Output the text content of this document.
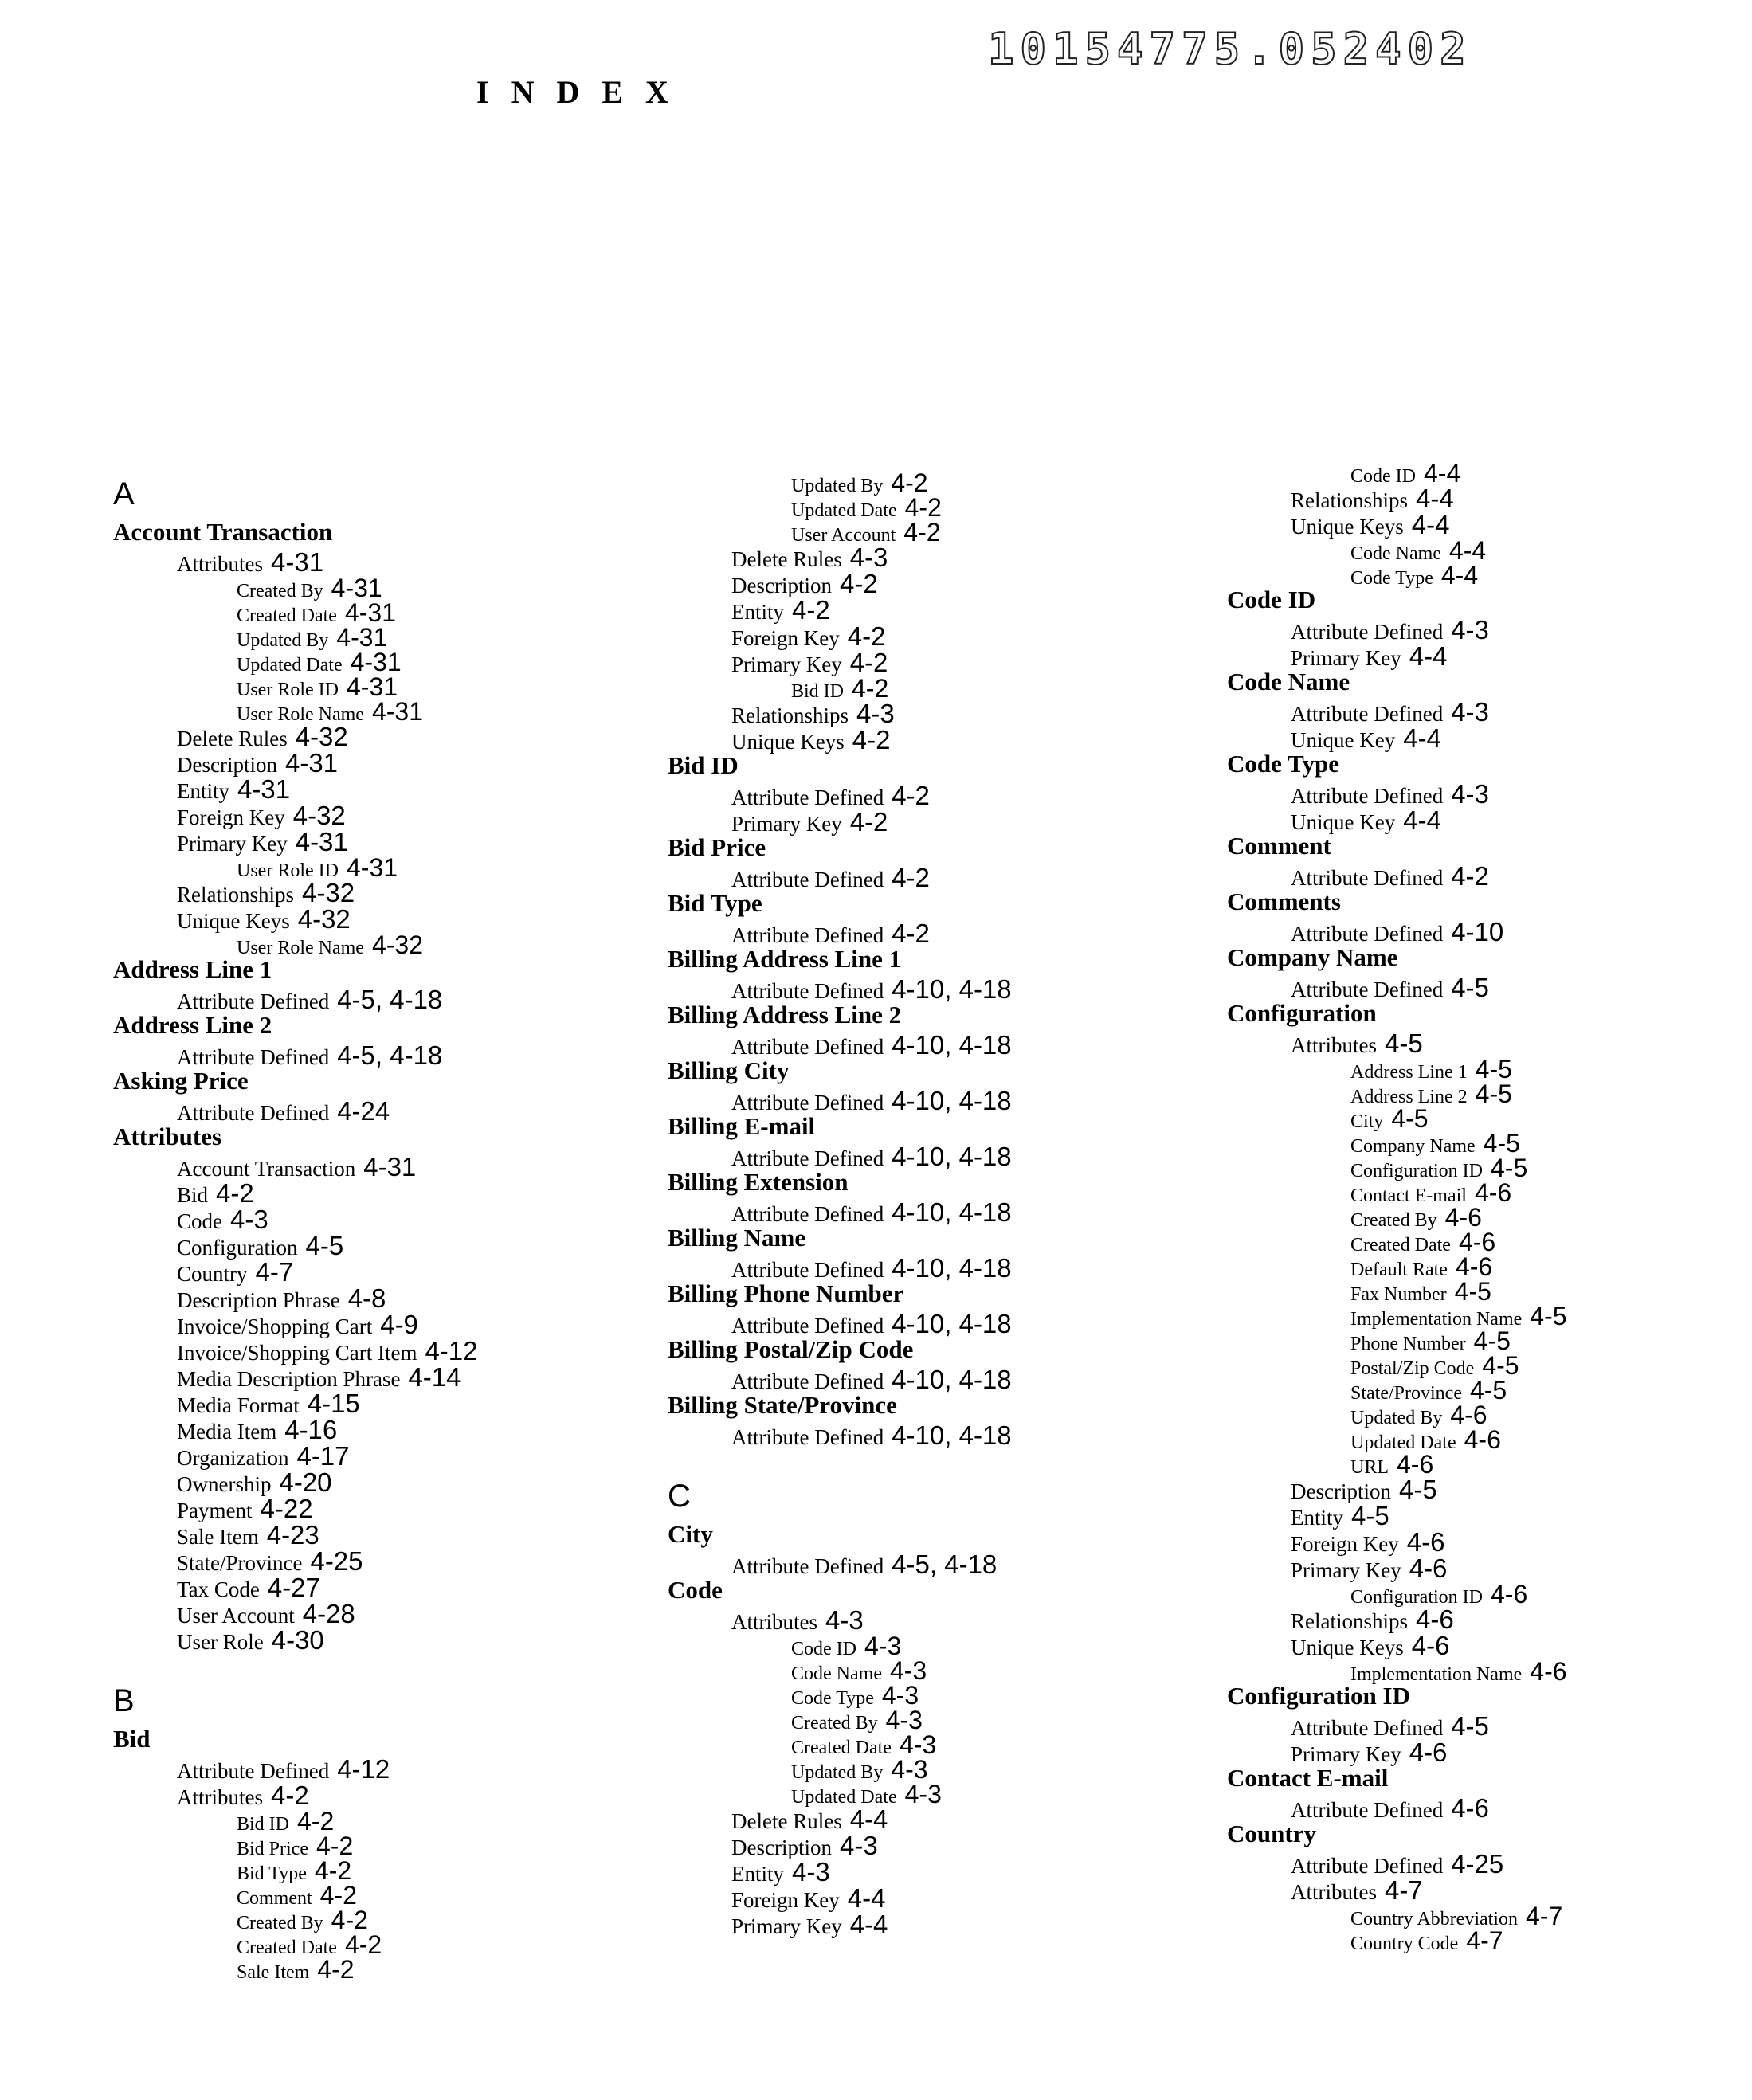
10154775.052402
INDEX
A
Account Transaction
Attributes 4-31
Created By 4-31
Created Date 4-31
Updated By 4-31
Updated Date 4-31
User Role ID 4-31
User Role Name 4-31
Delete Rules 4-32
Description 4-31
Entity 4-31
Foreign Key 4-32
Primary Key 4-31
User Role ID 4-31
Relationships 4-32
Unique Keys 4-32
User Role Name 4-32
Address Line 1
Attribute Defined 4-5, 4-18
Address Line 2
Attribute Defined 4-5, 4-18
Asking Price
Attribute Defined 4-24
Attributes
Account Transaction 4-31
Bid 4-2
Code 4-3
Configuration 4-5
Country 4-7
Description Phrase 4-8
Invoice/Shopping Cart 4-9
Invoice/Shopping Cart Item 4-12
Media Description Phrase 4-14
Media Format 4-15
Media Item 4-16
Organization 4-17
Ownership 4-20
Payment 4-22
Sale Item 4-23
State/Province 4-25
Tax Code 4-27
User Account 4-28
User Role 4-30
B
Bid
Attribute Defined 4-12
Attributes 4-2
Bid ID 4-2
Bid Price 4-2
Bid Type 4-2
Comment 4-2
Created By 4-2
Created Date 4-2
Sale Item 4-2
Updated By 4-2
Updated Date 4-2
User Account 4-2
Delete Rules 4-3
Description 4-2
Entity 4-2
Foreign Key 4-2
Primary Key 4-2
Bid ID 4-2
Relationships 4-3
Unique Keys 4-2
Bid ID
Attribute Defined 4-2
Primary Key 4-2
Bid Price
Attribute Defined 4-2
Bid Type
Attribute Defined 4-2
Billing Address Line 1
Attribute Defined 4-10, 4-18
Billing Address Line 2
Attribute Defined 4-10, 4-18
Billing City
Attribute Defined 4-10, 4-18
Billing E-mail
Attribute Defined 4-10, 4-18
Billing Extension
Attribute Defined 4-10, 4-18
Billing Name
Attribute Defined 4-10, 4-18
Billing Phone Number
Attribute Defined 4-10, 4-18
Billing Postal/Zip Code
Attribute Defined 4-10, 4-18
Billing State/Province
Attribute Defined 4-10, 4-18
C
City
Attribute Defined 4-5, 4-18
Code
Attributes 4-3
Code ID 4-3
Code Name 4-3
Code Type 4-3
Created By 4-3
Created Date 4-3
Updated By 4-3
Updated Date 4-3
Delete Rules 4-4
Description 4-3
Entity 4-3
Foreign Key 4-4
Primary Key 4-4
Code ID 4-4
Relationships 4-4
Unique Keys 4-4
Code Name 4-4
Code Type 4-4
Code ID
Attribute Defined 4-3
Primary Key 4-4
Code Name
Attribute Defined 4-3
Unique Key 4-4
Code Type
Attribute Defined 4-3
Unique Key 4-4
Comment
Attribute Defined 4-2
Comments
Attribute Defined 4-10
Company Name
Attribute Defined 4-5
Configuration
Attributes 4-5
Address Line 1 4-5
Address Line 2 4-5
City 4-5
Company Name 4-5
Configuration ID 4-5
Contact E-mail 4-6
Created By 4-6
Created Date 4-6
Default Rate 4-6
Fax Number 4-5
Implementation Name 4-5
Phone Number 4-5
Postal/Zip Code 4-5
State/Province 4-5
Updated By 4-6
Updated Date 4-6
URL 4-6
Description 4-5
Entity 4-5
Foreign Key 4-6
Primary Key 4-6
Configuration ID 4-6
Relationships 4-6
Unique Keys 4-6
Implementation Name 4-6
Configuration ID
Attribute Defined 4-5
Primary Key 4-6
Contact E-mail
Attribute Defined 4-6
Country
Attribute Defined 4-25
Attributes 4-7
Country Abbreviation 4-7
Country Code 4-7
